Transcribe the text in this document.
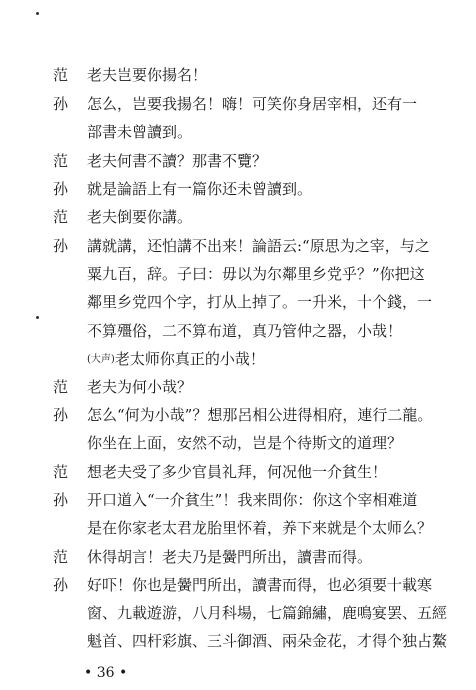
范	老夫岂要你揚名！
孙	怎么，岂要我揚名！嗨！可笑你身居宰相，还有一
部書未曾讀到。
范	老夫何書不讀？那書不覽？
孙	就是論語上有一篇你还未曾讀到。
范	老夫倒要你講。
孙	講就講，还怕講不出来！論語云:“原思为之宰，与之
粟九百，辞。子曰：毋以为尔鄰里乡党乎？”你把这
鄰里乡党四个字，打从上掉了。一升米，十个錢，一
不算殭俗，二不算布道，真乃管仲之器，小哉！
(大声)老太师你真正的小哉！
范	老夫为何小哉？
孙	怎么“何为小哉”？想那呂相公进得相府，連行二龍。
你坐在上面，安然不动，岂是个待斯文的道理？
范	想老夫受了多少官員礼拜，何况他一介貧生！
孙	开口道入“一介貧生”！我来問你：你这个宰相难道
是在你家老太君龙胎里怀着，养下来就是个太师么？
范	休得胡言！老夫乃是黌門所出，讀書而得。
孙	好吓！你也是黌門所出，讀書而得，也必須要十載寒
窗、九載遊游，八月科場，七篇錦繡，鹿鳴宴罢、五經
魁首、四杆彩旗、三斗御酒、兩朵金花，才得个独占鰲
• 36 •
